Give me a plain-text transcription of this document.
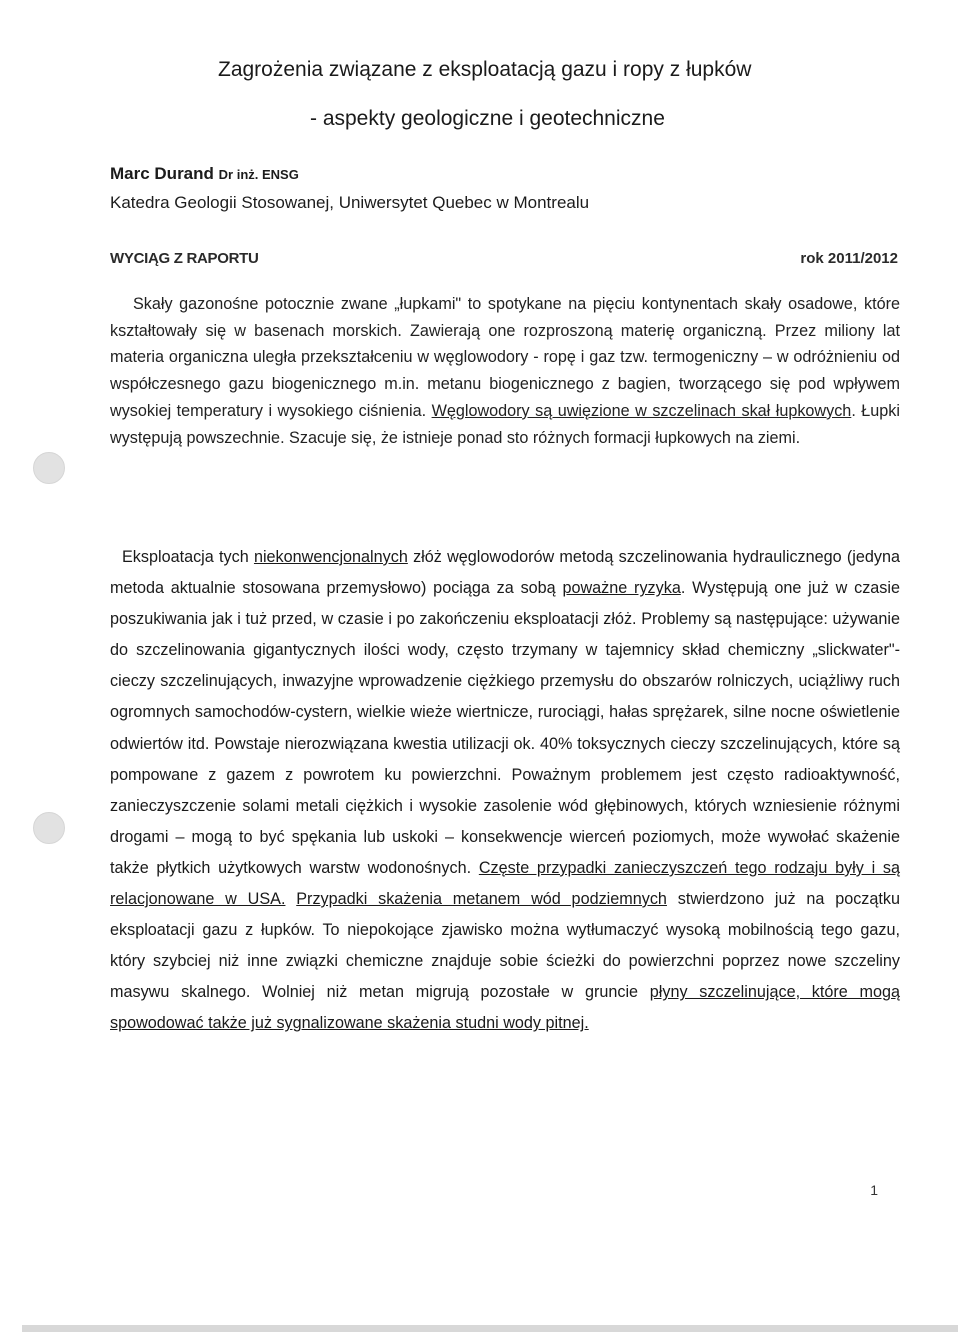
Zagrożenia związane z eksploatacją gazu i ropy z łupków
- aspekty geologiczne i geotechniczne
Marc Durand Dr inż. ENSG
Katedra Geologii Stosowanej, Uniwersytet Quebec w Montrealu
WYCIĄG Z RAPORTU	rok 2011/2012

Skały gazonośne potocznie zwane „łupkami" to spotykane na pięciu kontynentach skały osadowe, które kształtowały się w basenach morskich. Zawierają one rozproszoną materię organiczną. Przez miliony lat materia organiczna uległa przekształceniu w węglowodory - ropę i gaz tzw. termogeniczny – w odróżnieniu od współczesnego gazu biogenicznego m.in. metanu biogenicznego z bagien, tworzącego się pod wpływem wysokiej temperatury i wysokiego ciśnienia. Węglowodory są uwięzione w szczelinach skał łupkowych. Łupki występują powszechnie. Szacuje się, że istnieje ponad sto różnych formacji łupkowych na ziemi.

Eksploatacja tych niekonwencjonalnych złóż węglowodorów metodą szczelinowania hydraulicznego (jedyna metoda aktualnie stosowana przemysłowo) pociąga za sobą poważne ryzyka. Występują one już w czasie poszukiwania jak i tuż przed, w czasie i po zakończeniu eksploatacji złóż. Problemy są następujące: używanie do szczelinowania gigantycznych ilości wody, często trzymany w tajemnicy skład chemiczny „slickwater"- cieczy szczelinujących, inwazyjne wprowadzenie ciężkiego przemysłu do obszarów rolniczych, uciążliwy ruch ogromnych samochodów-cystern, wielkie wieże wiertnicze, rurociągi, hałas sprężarek, silne nocne oświetlenie odwiertów itd. Powstaje nierozwiązana kwestia utilizacji ok. 40% toksycznych cieczy szczelinujących, które są pompowane z gazem z powrotem ku powierzchni. Poważnym problemem jest często radioaktywność, zanieczyszczenie solami metali ciężkich i wysokie zasolenie wód głębinowych, których wzniesienie różnymi drogami – mogą to być spękania lub uskoki – konsekwencje wierceń poziomych, może wywołać skażenie także płytkich użytkowych warstw wodonośnych. Częste przypadki zanieczyszczeń tego rodzaju były i są relacjonowane w USA. Przypadki skażenia metanem wód podziemnych stwierdzono już na początku eksploatacji gazu z łupków. To niepokojące zjawisko można wytłumaczyć wysoką mobilnością tego gazu, który szybciej niż inne związki chemiczne znajduje sobie ścieżki do powierzchni poprzez nowe szczeliny masywu skalnego. Wolniej niż metan migrują pozostałe w gruncie płyny szczelinujące, które mogą spowodować także już sygnalizowane skażenia studni wody pitnej.

1
